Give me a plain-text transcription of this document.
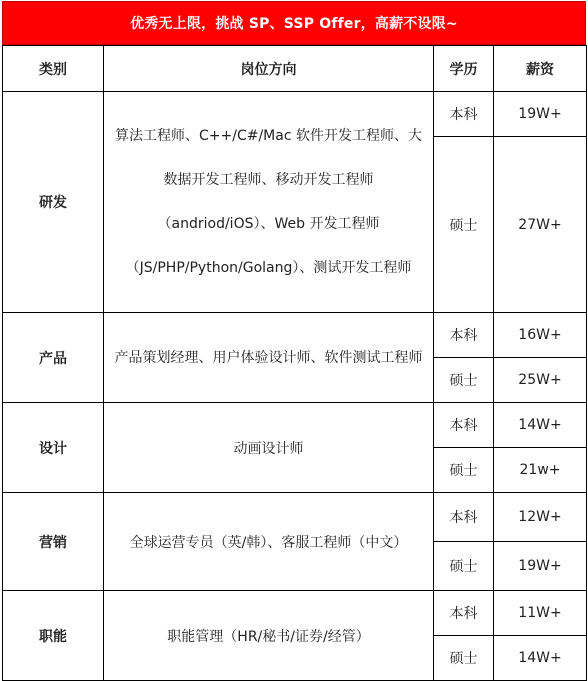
优秀无上限，挑战 SP、SSP Offer，高薪不设限~
类别	岗位方向	学历	薪资
研发	算法工程师、C++/C#/Mac 软件开发工程师、大数据开发工程师、移动开发工程师（andriod/iOS）、Web 开发工程师（JS/PHP/Python/Golang）、测试开发工程师	本科	19W+
		硕士	27W+
产品	产品策划经理、用户体验设计师、软件测试工程师	本科	16W+
		硕士	25W+
设计	动画设计师	本科	14W+
		硕士	21w+
营销	全球运营专员（英/韩）、客服工程师（中文）	本科	12W+
		硕士	19W+
职能	职能管理（HR/秘书/证券/经管）	本科	11W+
		硕士	14W+
